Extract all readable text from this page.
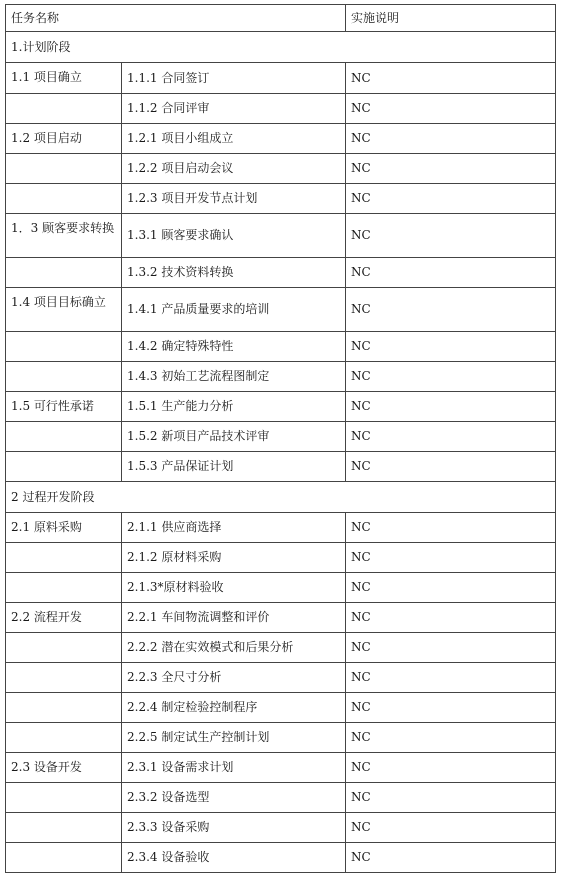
任务名称		实施说明
1.计划阶段		
1.1 项目确立	1.1.1 合同签订	NC
	1.1.2 合同评审	NC
1.2 项目启动	1.2.1 项目小组成立	NC
	1.2.2 项目启动会议	NC
	1.2.3 项目开发节点计划	NC
1．3 顾客要求转换	1.3.1 顾客要求确认	NC
	1.3.2 技术资料转换	NC
1.4 项目目标确立	1.4.1 产品质量要求的培训	NC
	1.4.2 确定特殊特性	NC
	1.4.3 初始工艺流程图制定	NC
1.5 可行性承诺	1.5.1 生产能力分析	NC
	1.5.2 新项目产品技术评审	NC
	1.5.3 产品保证计划	NC
2 过程开发阶段		
2.1 原料采购	2.1.1 供应商选择	NC
	2.1.2 原材料采购	NC
	2.1.3*原材料验收	NC
2.2 流程开发	2.2.1 车间物流调整和评价	NC
	2.2.2 潜在实效模式和后果分析	NC
	2.2.3 全尺寸分析	NC
	2.2.4 制定检验控制程序	NC
	2.2.5 制定试生产控制计划	NC
2.3 设备开发	2.3.1 设备需求计划	NC
	2.3.2 设备选型	NC
	2.3.3 设备采购	NC
	2.3.4 设备验收	NC
